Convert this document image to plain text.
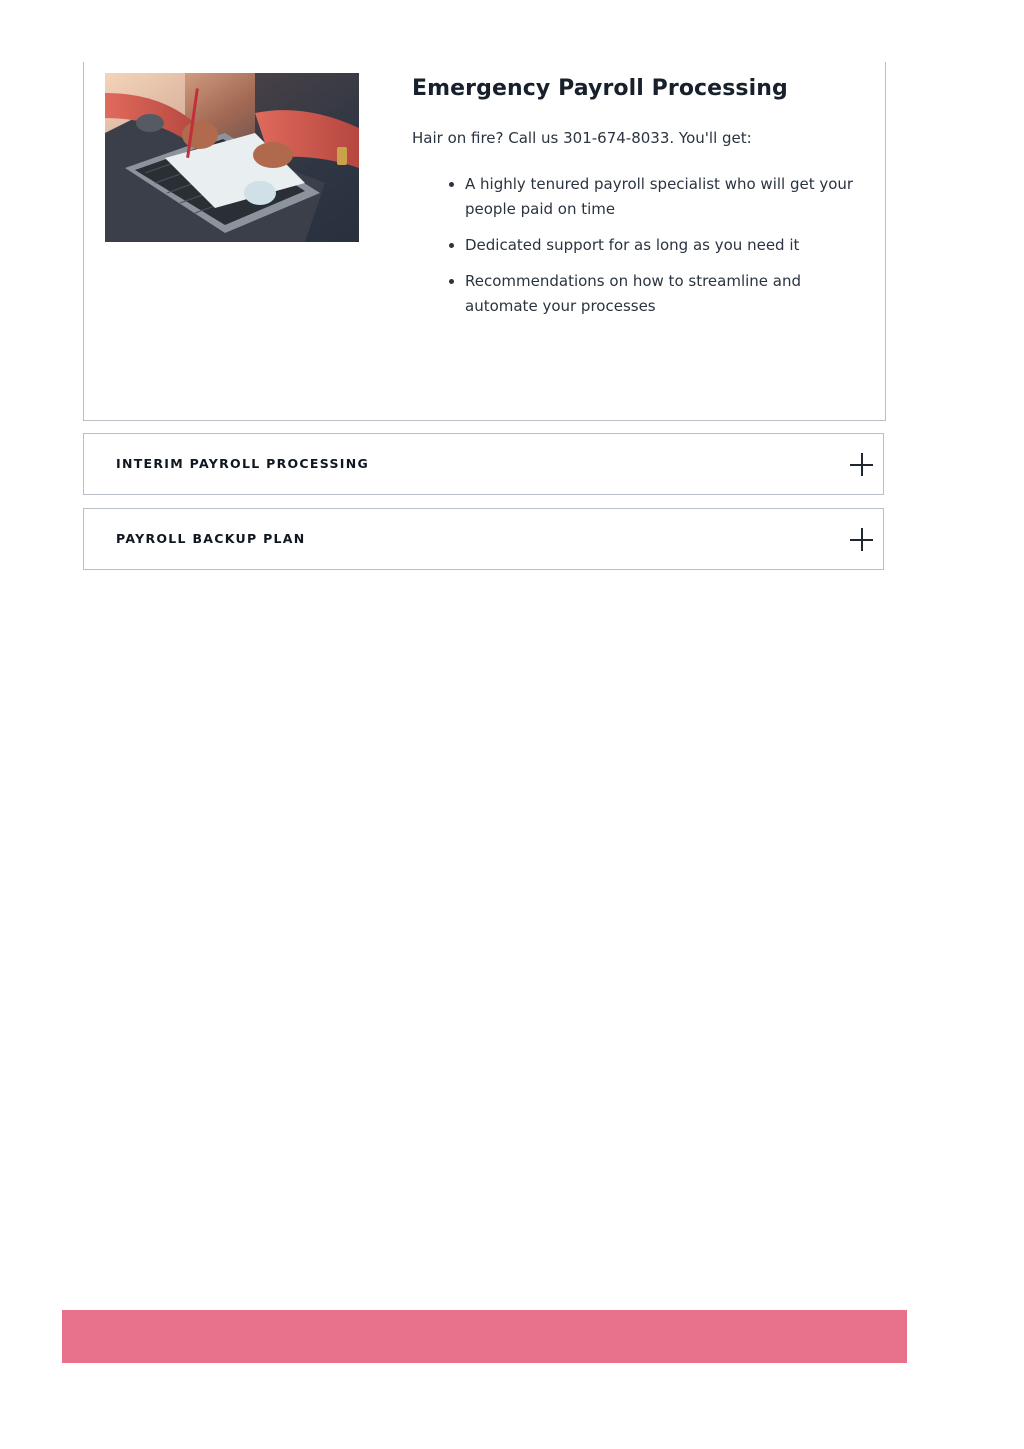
Emergency Payroll Processing

Hair on fire? Call us 301-674-8033. You'll get:

• A highly tenured payroll specialist who will get your people paid on time
• Dedicated support for as long as you need it
• Recommendations on how to streamline and automate your processes
INTERIM PAYROLL PROCESSING
PAYROLL BACKUP PLAN
